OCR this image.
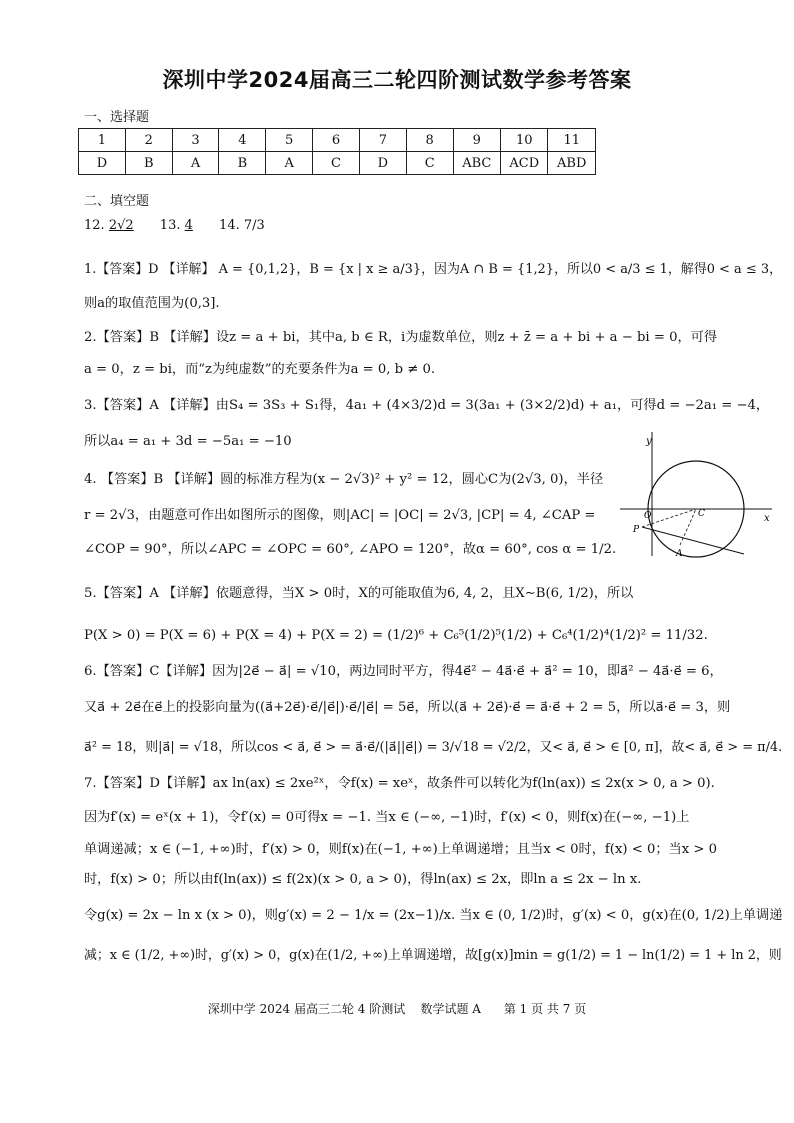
深圳中学2024届高三二轮四阶测试数学参考答案
一、选择题
1	2	3	4	5	6	7	8	9	10	11
D	B	A	B	A	C	D	C	ABC	ACD	ABD
二、填空题
12. 2√2 13. 4 14. 7/3
1.【答案】D 【详解】 A = {0,1,2}，B = {x | x ≥ a/3}，因为A ∩ B = {1,2}，所以0 < a/3 ≤ 1，解得0 < a ≤ 3，
则a的取值范围为(0,3].
2.【答案】B 【详解】设z = a + bi，其中a, b ∈ R，i为虚数单位，则z + z̄ = a + bi + a − bi = 0，可得
a = 0，z = bi，而“z为纯虚数”的充要条件为a = 0, b ≠ 0.
3.【答案】A 【详解】由S₄ = 3S₃ + S₁得，4a₁ + (4×3/2)d = 3(3a₁ + (3×2/2)d) + a₁，可得d = −2a₁ = −4，
所以a₄ = a₁ + 3d = −5a₁ = −10
4. 【答案】B 【详解】圆的标准方程为(x − 2√3)² + y² = 12，圆心C为(2√3, 0)，半径
r = 2√3，由题意可作出如图所示的图像，则|AC| = |OC| = 2√3, |CP| = 4, ∠CAP =
∠COP = 90°，所以∠APC = ∠OPC = 60°, ∠APO = 120°，故α = 60°, cos α = 1/2.
5.【答案】A 【详解】依题意得，当X > 0时，X的可能取值为6, 4, 2，且X∼B(6, 1/2)，所以
P(X > 0) = P(X = 6) + P(X = 4) + P(X = 2) = (1/2)⁶ + C₆⁵(1/2)⁵(1/2) + C₆⁴(1/2)⁴(1/2)² = 11/32.
6.【答案】C【详解】因为|2e⃗ − a⃗| = √10，两边同时平方，得4e⃗² − 4a⃗·e⃗ + a⃗² = 10，即a⃗² − 4a⃗·e⃗ = 6，
又a⃗ + 2e⃗在e⃗上的投影向量为((a⃗+2e⃗)·e⃗/|e⃗|)·e⃗/|e⃗| = 5e⃗，所以(a⃗ + 2e⃗)·e⃗ = a⃗·e⃗ + 2 = 5，所以a⃗·e⃗ = 3，则
a⃗² = 18，则|a⃗| = √18，所以cos < a⃗, e⃗ > = a⃗·e⃗/(|a⃗||e⃗|) = 3/√18 = √2/2，又< a⃗, e⃗ > ∈ [0, π]，故< a⃗, e⃗ > = π/4.
7.【答案】D【详解】ax ln(ax) ≤ 2xe²ˣ，令f(x) = xeˣ，故条件可以转化为f(ln(ax)) ≤ 2x(x > 0, a > 0).
因为f′(x) = eˣ(x + 1)，令f′(x) = 0可得x = −1. 当x ∈ (−∞, −1)时，f′(x) < 0，则f(x)在(−∞, −1)上
单调递减；x ∈ (−1, +∞)时，f′(x) > 0，则f(x)在(−1, +∞)上单调递增；且当x < 0时，f(x) < 0；当x > 0
时，f(x) > 0；所以由f(ln(ax)) ≤ f(2x)(x > 0, a > 0)，得ln(ax) ≤ 2x，即ln a ≤ 2x − ln x.
令g(x) = 2x − ln x (x > 0)，则g′(x) = 2 − 1/x = (2x−1)/x. 当x ∈ (0, 1/2)时，g′(x) < 0，g(x)在(0, 1/2)上单调递
减；x ∈ (1/2, +∞)时，g′(x) > 0，g(x)在(1/2, +∞)上单调递增，故[g(x)]min = g(1/2) = 1 − ln(1/2) = 1 + ln 2，则
y
x
O	C
P
A
深圳中学 2024 届高三二轮 4 阶测试    数学试题 A      第 1 页 共 7 页
